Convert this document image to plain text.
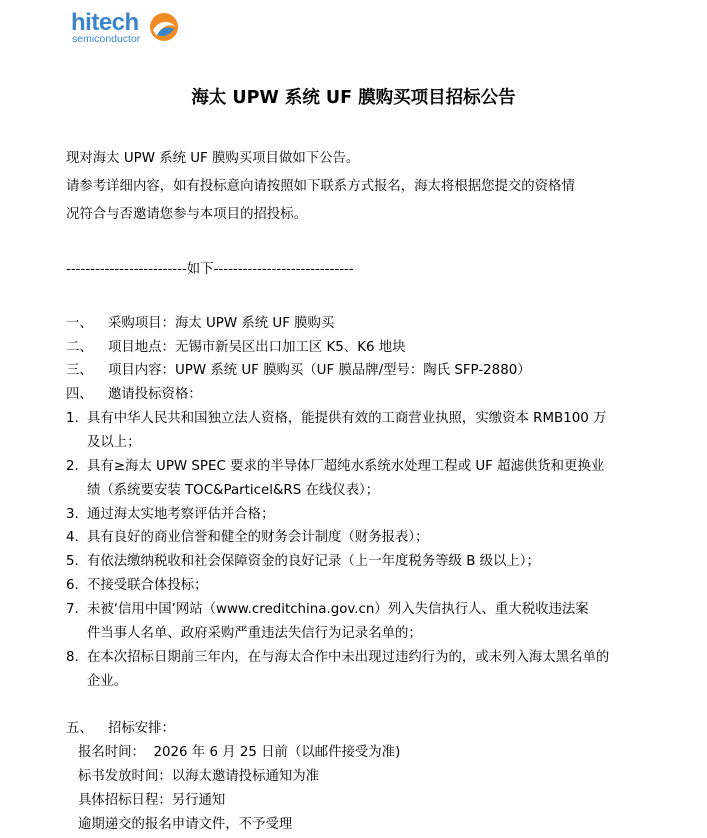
hitech
semiconductor
海太 UPW 系统 UF 膜购买项目招标公告
现对海太 UPW 系统 UF 膜购买项目做如下公告。
请参考详细内容，如有投标意向请按照如下联系方式报名，海太将根据您提交的资格情
况符合与否邀请您参与本项目的招投标。
-------------------------如下-----------------------------
一、 采购项目：海太 UPW 系统 UF 膜购买
二、 项目地点：无锡市新吴区出口加工区 K5、K6 地块
三、 项目内容：UPW 系统 UF 膜购买（UF 膜品牌/型号：陶氏 SFP-2880）
四、 邀请投标资格：
1. 具有中华人民共和国独立法人资格，能提供有效的工商营业执照，实缴资本 RMB100 万
及以上；
2. 具有≥海太 UPW SPEC 要求的半导体厂超纯水系统水处理工程或 UF 超滤供货和更换业
绩（系统要安装 TOC&Particel&RS 在线仪表）；
3. 通过海太实地考察评估并合格；
4. 具有良好的商业信誉和健全的财务会计制度（财务报表）；
5. 有依法缴纳税收和社会保障资金的良好记录（上一年度税务等级 B 级以上）；
6. 不接受联合体投标；
7. 未被‘信用中国’网站（www.creditchina.gov.cn）列入失信执行人、重大税收违法案
件当事人名单、政府采购严重违法失信行为记录名单的；
8. 在本次招标日期前三年内，在与海太合作中未出现过违约行为的，或未列入海太黑名单的
企业。
五、 招标安排：
报名时间：  2026 年 6 月 25 日前（以邮件接受为准)
标书发放时间：以海太邀请投标通知为准
具体招标日程：另行通知
逾期递交的报名申请文件，不予受理
